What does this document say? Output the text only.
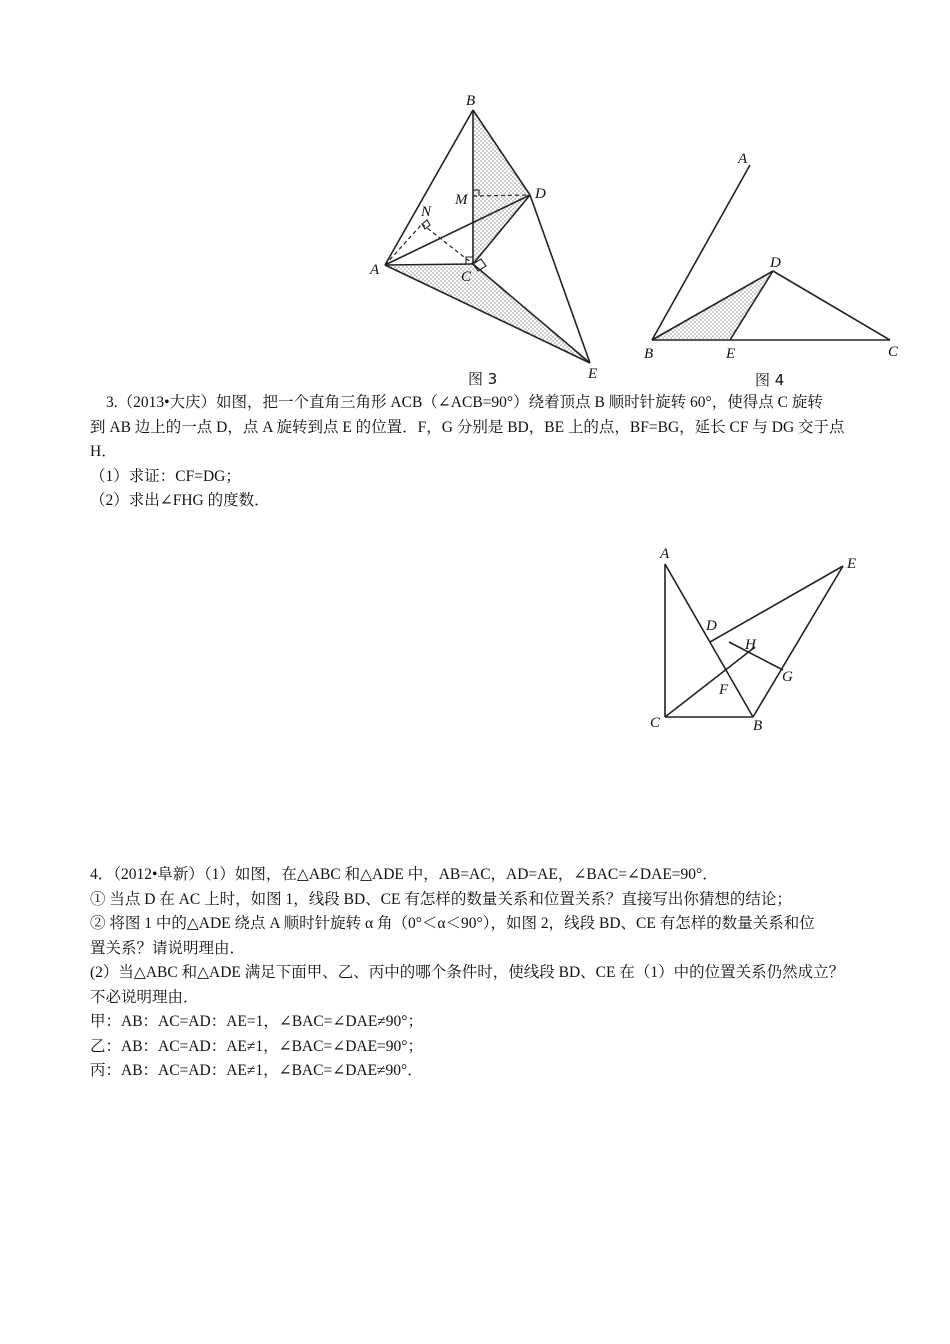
B
D
M
N
A	C
E
图 3
A
D
B	E	C
图 4

3.（2013•大庆）如图，把一个直角三角形 ACB（∠ACB=90°）绕着顶点 B 顺时针旋转 60°，使得点 C 旋转

到 AB 边上的一点 D，点 A 旋转到点 E 的位置．F，G 分别是 BD，BE 上的点，BF=BG，延长 CF 与 DG 交于点

H．

（1）求证：CF=DG；

（2）求出∠FHG 的度数．

A
E
D
H
F
G
C	B

4．（2012•阜新）（1）如图，在△ABC 和△ADE 中，AB=AC，AD=AE，∠BAC=∠DAE=90°．

① 当点 D 在 AC 上时，如图 1，线段 BD、CE 有怎样的数量关系和位置关系？直接写出你猜想的结论；

② 将图 1 中的△ADE 绕点 A 顺时针旋转 α 角（0°＜α＜90°），如图 2，线段 BD、CE 有怎样的数量关系和位

置关系？请说明理由．

(2）当△ABC 和△ADE 满足下面甲、乙、丙中的哪个条件时，使线段 BD、CE 在（1）中的位置关系仍然成立？

不必说明理由．

甲：AB：AC=AD：AE=1，∠BAC=∠DAE≠90°；

乙：AB：AC=AD：AE≠1，∠BAC=∠DAE=90°；

丙：AB：AC=AD：AE≠1，∠BAC=∠DAE≠90°．
